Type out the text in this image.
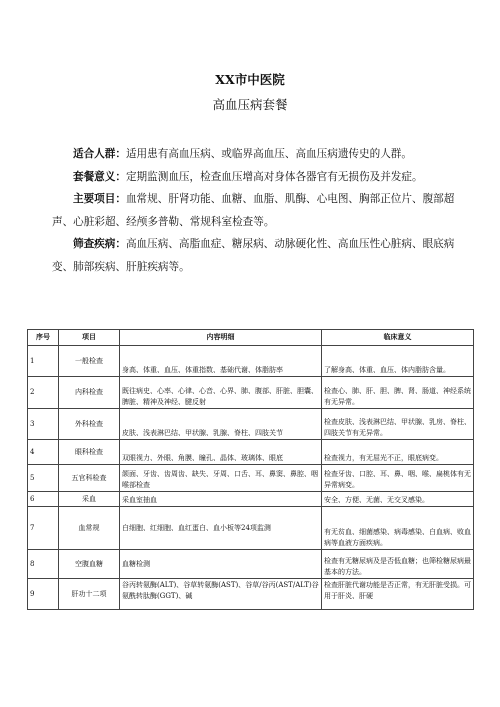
XX市中医院
高血压病套餐

适合人群：适用患有高血压病、或临界高血压、高血压病遗传史的人群。

套餐意义：定期监测血压，检查血压增高对身体各器官有无损伤及并发症。

主要项目：血常规、肝肾功能、血糖、血脂、肌酶、心电图、胸部正位片、腹部超声、心脏彩超、经颅多普勒、常规科室检查等。

筛查疾病：高血压病、高脂血症、糖尿病、动脉硬化性、高血压性心脏病、眼底病变、肺部疾病、肝脏疾病等。

序号	项目	内容明细	临床意义
1	一般检查	身高、体重、血压、体重指数、基础代谢、体脂肪率	了解身高、体重、血压、体内脂肪含量。
2	内科检查	既往病史、心率、心律、心音、心界、肺、腹部、肝脏、胆囊、脾脏、精神及神经、腱反射	检查心、肺、肝、胆、脾、肾、肠道、神经系统有无异常。
3	外科检查	皮肤、浅表淋巴结、甲状腺、乳腺、脊柱、四肢关节	检查皮肤、浅表淋巴结、甲状腺、乳房、脊柱、四肢关节有无异常。
4	眼科检查	双眼视力、外眼、角膜、瞳孔、晶体、玻璃体、眼底	检查视力，有无屈光不正，眼底病变。
5	五官科检查	颌面、牙齿、齿周齿、缺失、牙周、口舌、耳、鼻窦、鼻腔、咽喉部检查	检查牙齿、口腔、耳、鼻、咽、喉、扁桃体有无异常病变。
6	采血	采血室抽血	安全、方便、无菌、无交叉感染。
7	血常规	白细胞、红细胞、血红蛋白、血小板等24项监测	有无贫血、细菌感染、病毒感染、白血病、败血病等血液方面疾病。
8	空腹血糖	血糖检测	检查有无糖尿病及是否低血糖；也筛检糖尿病最基本的方法。
9	肝功十二项	谷丙转氨酶(ALT)、谷草转氨酶(AST)、谷草/谷丙(AST/ALT)谷氨酰转肽酶(GGT)、碱	检查肝脏代谢功能是否正常，有无肝脏受损。可用于肝炎、肝硬
